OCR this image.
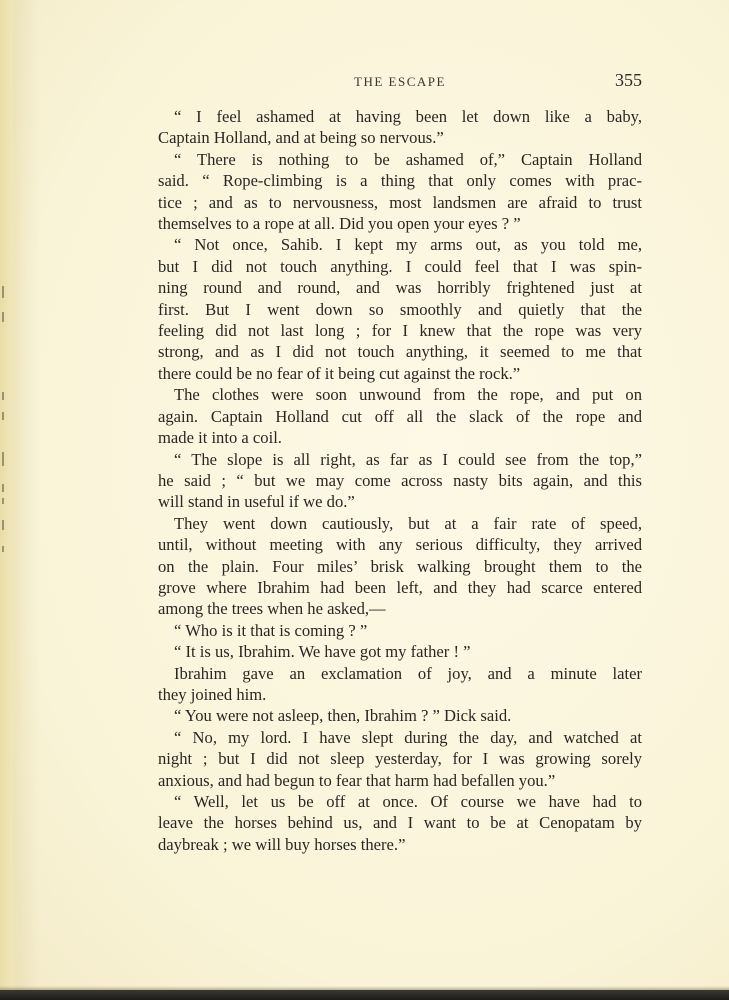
THE ESCAPE	355
“ I feel ashamed at having been let down like a baby,
Captain Holland, and at being so nervous.”
“ There is nothing to be ashamed of,” Captain Holland
said. “ Rope-climbing is a thing that only comes with prac-
tice ; and as to nervousness, most landsmen are afraid to trust
themselves to a rope at all. Did you open your eyes ? ”
“ Not once, Sahib. I kept my arms out, as you told me,
but I did not touch anything. I could feel that I was spin-
ning round and round, and was horribly frightened just at
first. But I went down so smoothly and quietly that the
feeling did not last long ; for I knew that the rope was very
strong, and as I did not touch anything, it seemed to me that
there could be no fear of it being cut against the rock.”
The clothes were soon unwound from the rope, and put on
again. Captain Holland cut off all the slack of the rope and
made it into a coil.
“ The slope is all right, as far as I could see from the top,”
he said ; “ but we may come across nasty bits again, and this
will stand in useful if we do.”
They went down cautiously, but at a fair rate of speed,
until, without meeting with any serious difficulty, they arrived
on the plain. Four miles’ brisk walking brought them to the
grove where Ibrahim had been left, and they had scarce entered
among the trees when he asked,—
“ Who is it that is coming ? ”
“ It is us, Ibrahim. We have got my father ! ”
Ibrahim gave an exclamation of joy, and a minute later
they joined him.
“ You were not asleep, then, Ibrahim ? ” Dick said.
“ No, my lord. I have slept during the day, and watched at
night ; but I did not sleep yesterday, for I was growing sorely
anxious, and had begun to fear that harm had befallen you.”
“ Well, let us be off at once. Of course we have had to
leave the horses behind us, and I want to be at Cenopatam by
daybreak ; we will buy horses there.”
